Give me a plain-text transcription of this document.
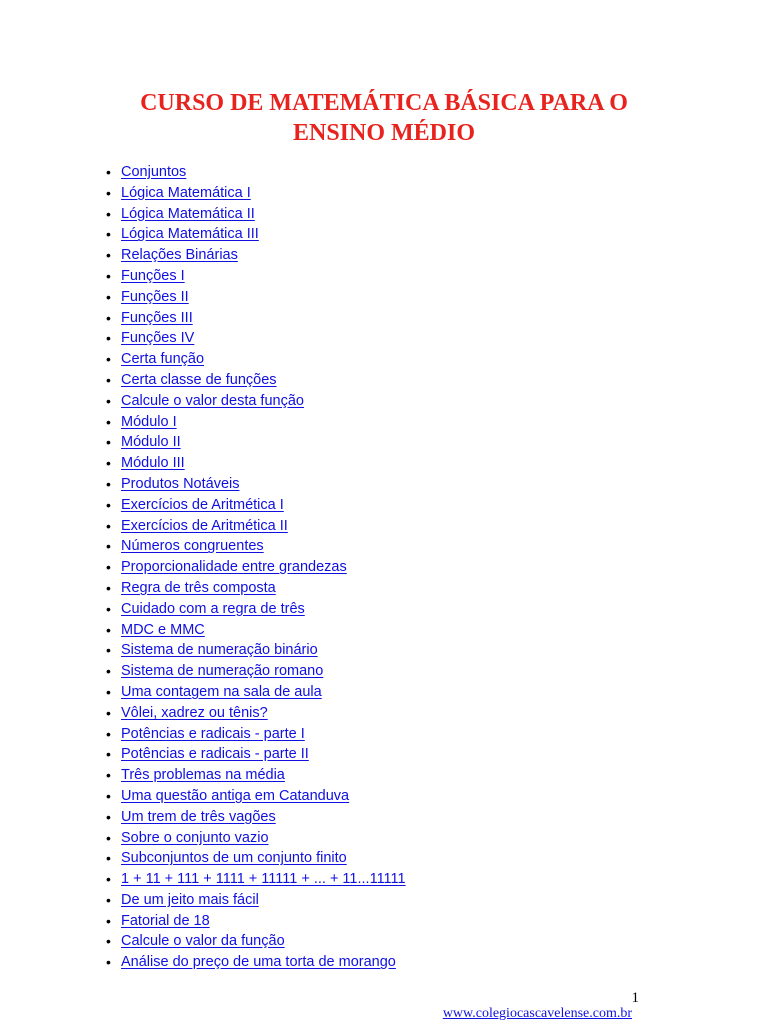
CURSO DE MATEMÁTICA BÁSICA PARA O
ENSINO MÉDIO
• Conjuntos
• Lógica Matemática I
• Lógica Matemática II
• Lógica Matemática III
• Relações Binárias
• Funções I
• Funções II
• Funções III
• Funções IV
• Certa função
• Certa classe de funções
• Calcule o valor desta função
• Módulo I
• Módulo II
• Módulo III
• Produtos Notáveis
• Exercícios de Aritmética I
• Exercícios de Aritmética II
• Números congruentes
• Proporcionalidade entre grandezas
• Regra de três composta
• Cuidado com a regra de três
• MDC e MMC
• Sistema de numeração binário
• Sistema de numeração romano
• Uma contagem na sala de aula
• Vôlei, xadrez ou tênis?
• Potências e radicais - parte I
• Potências e radicais - parte II
• Três problemas na média
• Uma questão antiga em Catanduva
• Um trem de três vagões
• Sobre o conjunto vazio
• Subconjuntos de um conjunto finito
• 1 + 11 + 111 + 1111 + 11111 + ... + 11...11111
• De um jeito mais fácil
• Fatorial de 18
• Calcule o valor da função
• Análise do preço de uma torta de morango
1
www.colegiocascavelense.com.br
